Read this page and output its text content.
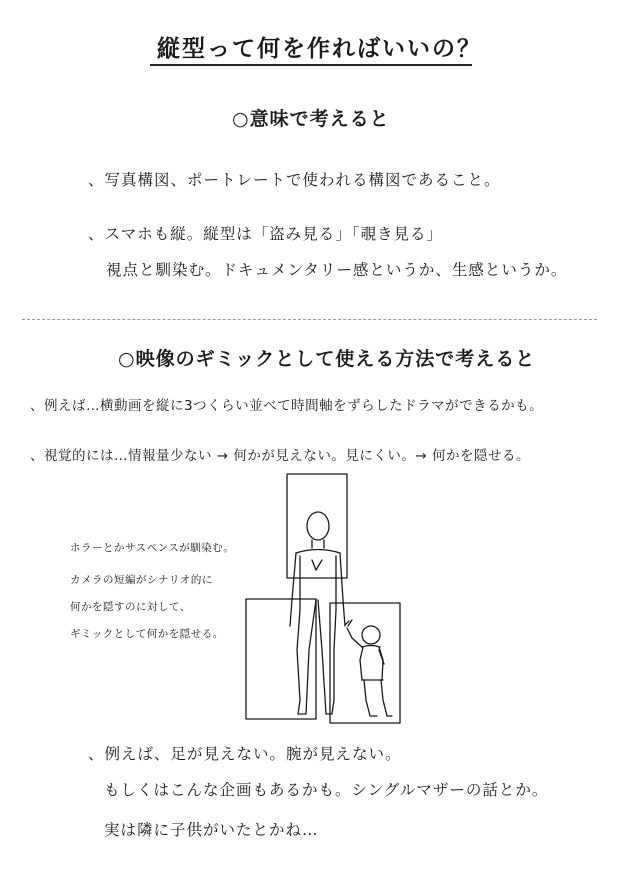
縦型って何を作ればいいの？
○意味で考えると
、写真構図、ポートレートで使われる構図であること。
、スマホも縦。縦型は「盗み見る」「覗き見る」
視点と馴染む。ドキュメンタリー感というか、生感というか。
○映像のギミックとして使える方法で考えると
、例えば…横動画を縦に3つくらい並べて時間軸をずらしたドラマができるかも。
、視覚的には…情報量少ない → 何かが見えない。見にくい。→ 何かを隠せる。
ホラーとかサスペンスが馴染む。
カメラの短編がシナリオ的に
何かを隠すのに対して、
ギミックとして何かを隠せる。
、例えば、足が見えない。腕が見えない。
もしくはこんな企画もあるかも。シングルマザーの話とか。
実は隣に子供がいたとかね…
